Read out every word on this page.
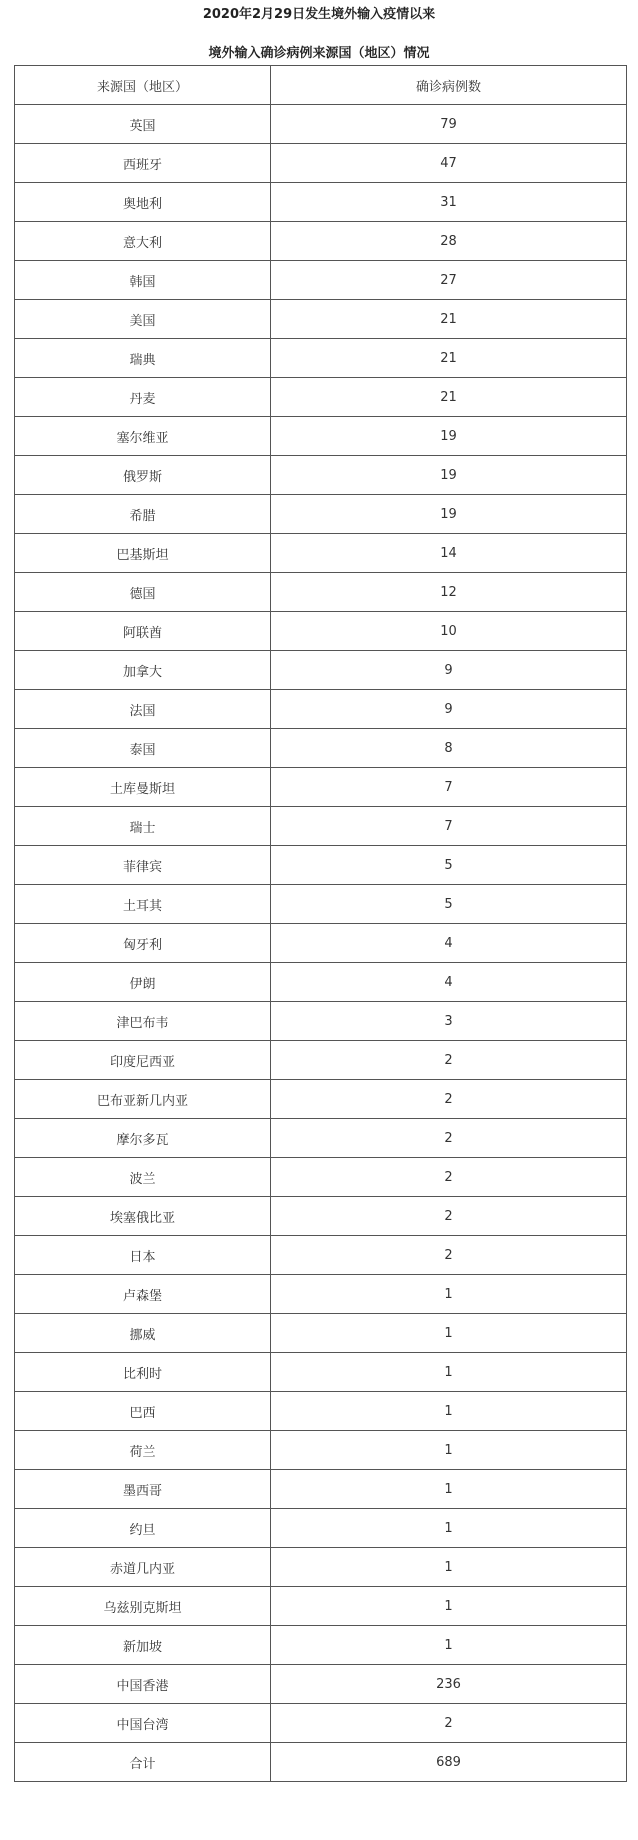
2020年2月29日发生境外输入疫情以来
境外输入确诊病例来源国（地区）情况
来源国（地区）	确诊病例数
英国	79
西班牙	47
奥地利	31
意大利	28
韩国	27
美国	21
瑞典	21
丹麦	21
塞尔维亚	19
俄罗斯	19
希腊	19
巴基斯坦	14
德国	12
阿联酋	10
加拿大	9
法国	9
泰国	8
土库曼斯坦	7
瑞士	7
菲律宾	5
土耳其	5
匈牙利	4
伊朗	4
津巴布韦	3
印度尼西亚	2
巴布亚新几内亚	2
摩尔多瓦	2
波兰	2
埃塞俄比亚	2
日本	2
卢森堡	1
挪威	1
比利时	1
巴西	1
荷兰	1
墨西哥	1
约旦	1
赤道几内亚	1
乌兹别克斯坦	1
新加坡	1
中国香港	236
中国台湾	2
合计	689
